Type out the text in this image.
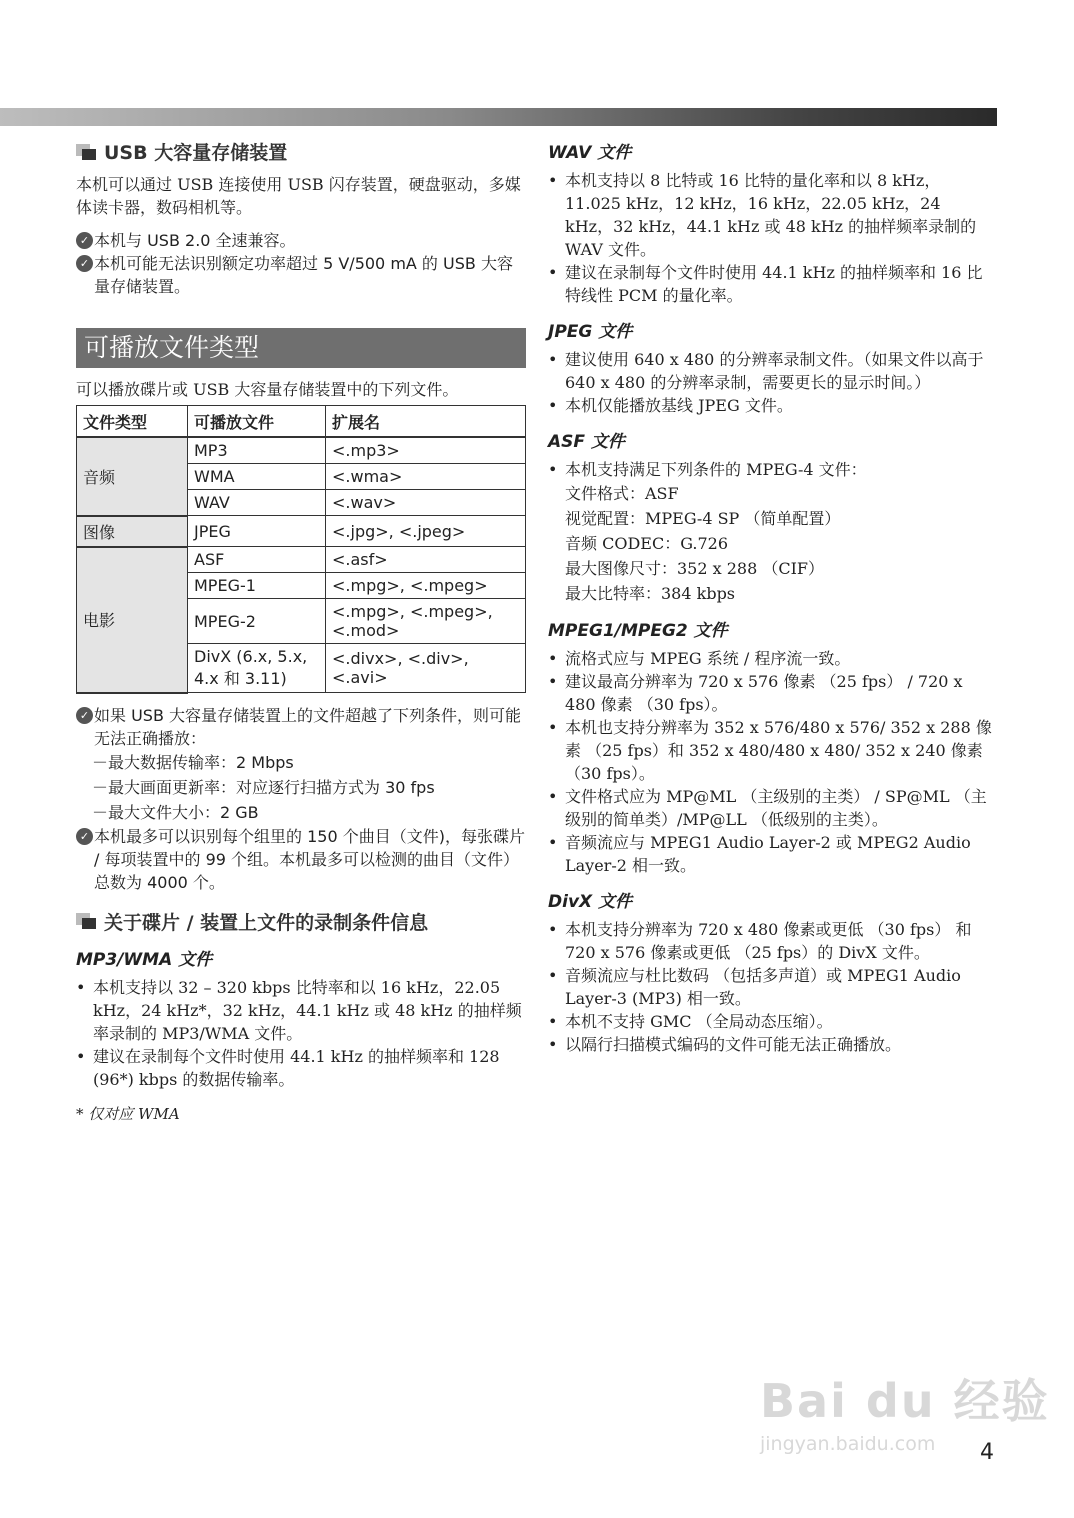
USB 大容量存储装置

本机可以通过 USB 连接使用 USB 闪存装置，硬盘驱动，多媒体读卡器，数码相机等。

✓ 本机与 USB 2.0 全速兼容。
✓ 本机可能无法识别额定功率超过 5 V/500 mA 的 USB 大容量存储装置。
可播放文件类型

可以播放碟片或 USB 大容量存储装置中的下列文件。

文件类型	可播放文件	扩展名
音频	MP3	<.mp3>
	WMA	<.wma>
	WAV	<.wav>
图像	JPEG	<.jpg>, <.jpeg>
电影	ASF	<.asf>
	MPEG-1	<.mpg>, <.mpeg>
	MPEG-2	<.mpg>, <.mpeg>,
<.mod>

	DivX (6.x, 5.x,
4.x 和 3.11)	<.divx>, <.div>, <.avi>
✓ 如果 USB 大容量存储装置上的文件超越了下列条件，则可能无法正确播放：
－最大数据传输率：2 Mbps
－最大画面更新率：对应逐行扫描方式为 30 fps
－最大文件大小：2 GB
✓ 本机最多可以识别每个组里的 150 个曲目（文件)，每张碟片 / 每项装置中的 99 个组。本机最多可以检测的曲目（文件）总数为 4000 个。
关于碟片 / 装置上文件的录制条件信息
MP3/WMA 文件
• 本机支持以 32 – 320 kbps 比特率和以 16 kHz，22.05 kHz，24 kHz*，32 kHz，44.1 kHz 或 48 kHz 的抽样频率录制的 MP3/WMA 文件。
• 建议在录制每个文件时使用 44.1 kHz 的抽样频率和 128 (96*) kbps 的数据传输率。
* 仅对应 WMA
WAV 文件
• 本机支持以 8 比特或 16 比特的量化率和以 8 kHz，11.025 kHz，12 kHz，16 kHz，22.05 kHz，24 kHz，32 kHz，44.1 kHz 或 48 kHz 的抽样频率录制的 WAV 文件。
• 建议在录制每个文件时使用 44.1 kHz 的抽样频率和 16 比特线性 PCM 的量化率。
JPEG 文件
• 建议使用 640 x 480 的分辨率录制文件。（如果文件以高于 640 x 480 的分辨率录制，需要更长的显示时间。）
• 本机仅能播放基线 JPEG 文件。
ASF 文件
• 本机支持满足下列条件的 MPEG-4 文件：
文件格式：ASF
视觉配置：MPEG-4 SP （简单配置）
音频 CODEC：G.726
最大图像尺寸：352 x 288 （CIF）
最大比特率：384 kbps
MPEG1/MPEG2 文件
• 流格式应与 MPEG 系统 / 程序流一致。
• 建议最高分辨率为 720 x 576 像素 （25 fps） / 720 x 480 像素 （30 fps）。
• 本机也支持分辨率为 352 x 576/480 x 576/ 352 x 288 像素 （25 fps）和 352 x 480/480 x 480/ 352 x 240 像素 （30 fps）。
• 文件格式应为 MP@ML （主级别的主类） / SP@ML （主级别的简单类）/MP@LL （低级别的主类）。
• 音频流应与 MPEG1 Audio Layer-2 或 MPEG2 Audio Layer-2 相一致。
DivX 文件
• 本机支持分辨率为 720 x 480 像素或更低 （30 fps） 和 720 x 576 像素或更低 （25 fps）的 DivX 文件。
• 音频流应与杜比数码 （包括多声道）或 MPEG1 Audio Layer-3 (MP3) 相一致。
• 本机不支持 GMC （全局动态压缩）。
• 以隔行扫描模式编码的文件可能无法正确播放。
Bai du 经验
jingyan.baidu.com	4
